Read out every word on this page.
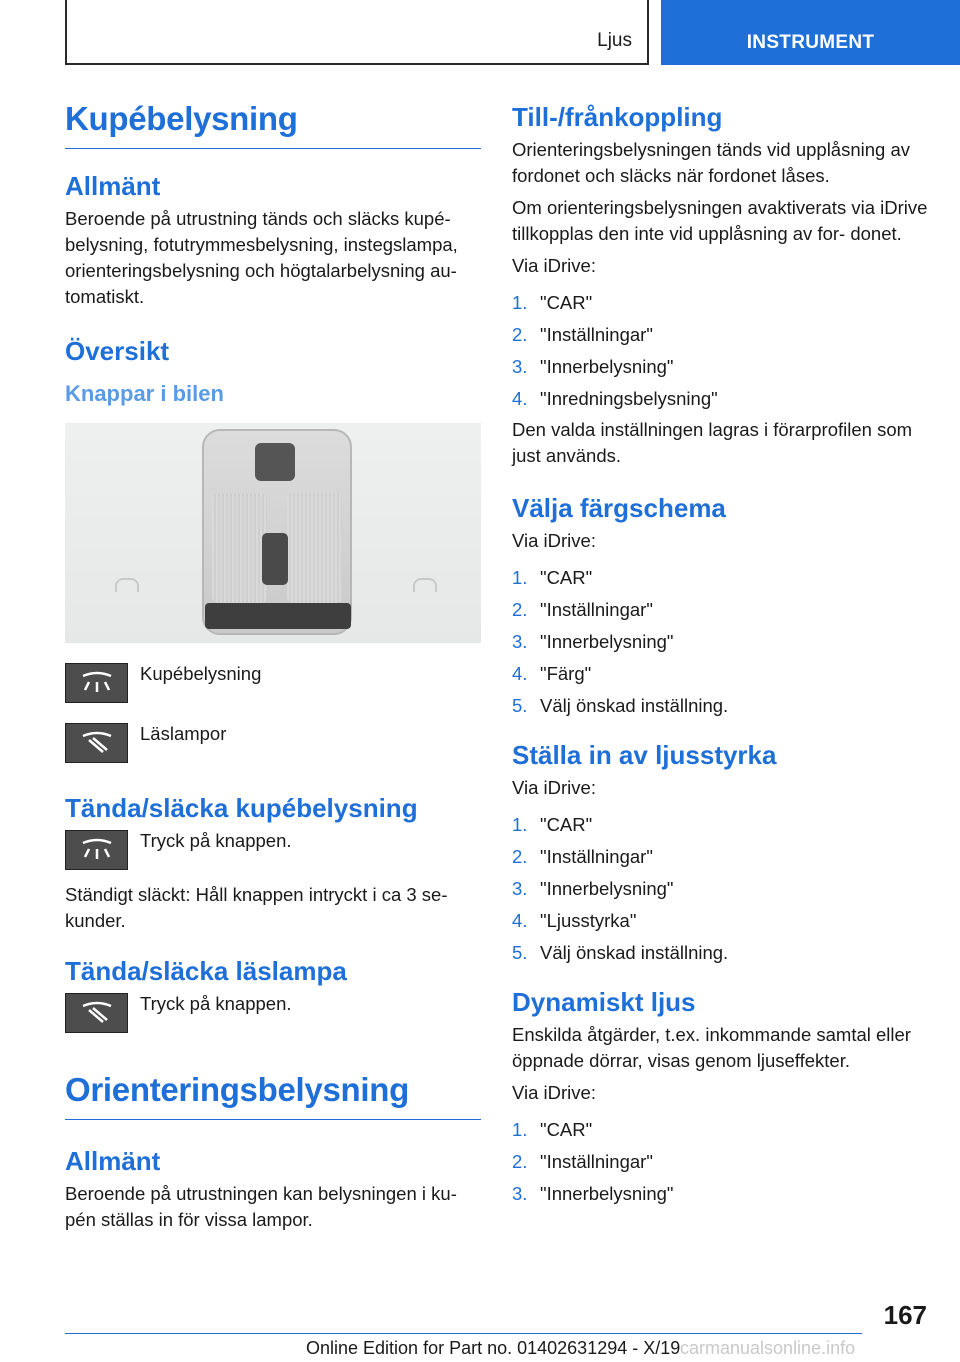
Ljus	INSTRUMENT
Kupébelysning
Allmänt

Beroende på utrustning tänds och släcks kupé- belysning, fotutrymmesbelysning, instegslampa, orienteringsbelysning och högtalarbelysning au- tomatiskt.

Översikt
Knappar i bilen
Kupébelysning
Läslampor
Tända/släcka kupébelysning
Tryck på knappen.

Ständigt släckt: Håll knappen intryckt i ca 3 se- kunder.

Tända/släcka läslampa
Tryck på knappen.
Orienteringsbelysning
Allmänt

Beroende på utrustningen kan belysningen i ku- pén ställas in för vissa lampor.

Till-/frånkoppling

Orienteringsbelysningen tänds vid upplåsning av fordonet och släcks när fordonet låses.

Om orienteringsbelysningen avaktiverats via iDrive tillkopplas den inte vid upplåsning av for- donet.

Via iDrive:

1. "CAR"
2. "Inställningar"
3. "Innerbelysning"
4. "Inredningsbelysning"

Den valda inställningen lagras i förarprofilen som just används.

Välja färgschema

Via iDrive:

1. "CAR"
2. "Inställningar"
3. "Innerbelysning"
4. "Färg"
5. Välj önskad inställning.
Ställa in av ljusstyrka

Via iDrive:

1. "CAR"
2. "Inställningar"
3. "Innerbelysning"
4. "Ljusstyrka"
5. Välj önskad inställning.
Dynamiskt ljus

Enskilda åtgärder, t.ex. inkommande samtal eller öppnade dörrar, visas genom ljuseffekter.

Via iDrive:

1. "CAR"
2. "Inställningar"
3. "Innerbelysning"
167
Online Edition for Part no. 01402631294 - X/19 carmanualsonline.info
